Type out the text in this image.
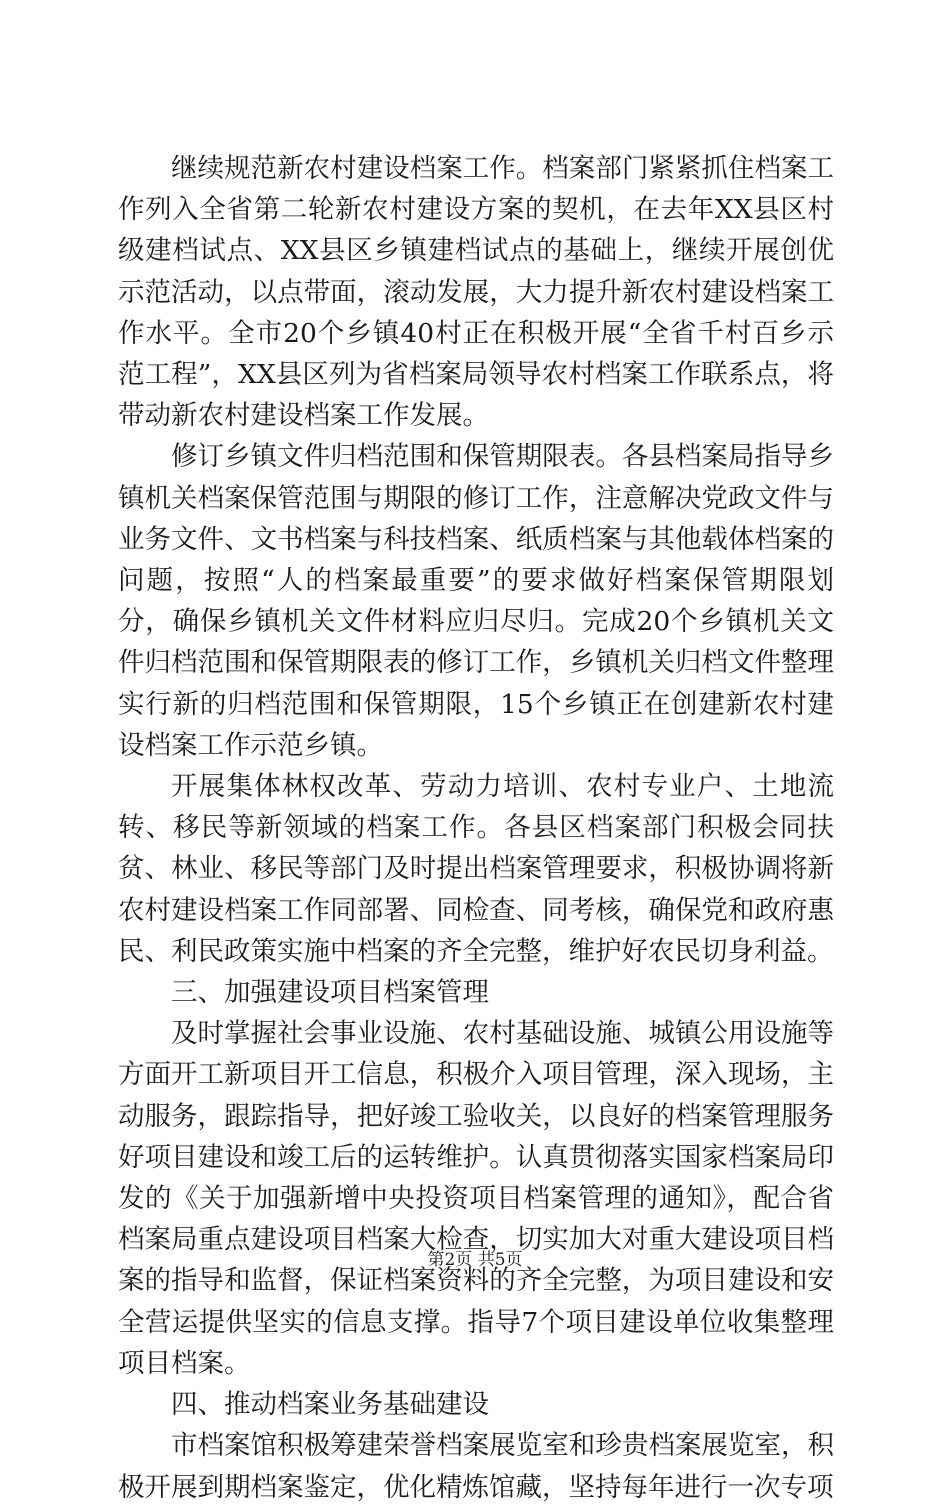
继续规范新农村建设档案工作。档案部门紧紧抓住档案工作列入全省第二轮新农村建设方案的契机，在去年XX县区村级建档试点、XX县区乡镇建档试点的基础上，继续开展创优示范活动，以点带面，滚动发展，大力提升新农村建设档案工作水平。全市20个乡镇40村正在积极开展“全省千村百乡示范工程”，XX县区列为省档案局领导农村档案工作联系点，将带动新农村建设档案工作发展。

修订乡镇文件归档范围和保管期限表。各县档案局指导乡镇机关档案保管范围与期限的修订工作，注意解决党政文件与业务文件、文书档案与科技档案、纸质档案与其他载体档案的问题，按照“人的档案最重要”的要求做好档案保管期限划分，确保乡镇机关文件材料应归尽归。完成20个乡镇机关文件归档范围和保管期限表的修订工作，乡镇机关归档文件整理实行新的归档范围和保管期限，15个乡镇正在创建新农村建设档案工作示范乡镇。

开展集体林权改革、劳动力培训、农村专业户、土地流转、移民等新领域的档案工作。各县区档案部门积极会同扶贫、林业、移民等部门及时提出档案管理要求，积极协调将新农村建设档案工作同部署、同检查、同考核，确保党和政府惠民、利民政策实施中档案的齐全完整，维护好农民切身利益。

三、加强建设项目档案管理

及时掌握社会事业设施、农村基础设施、城镇公用设施等方面开工新项目开工信息，积极介入项目管理，深入现场，主动服务，跟踪指导，把好竣工验收关，以良好的档案管理服务好项目建设和竣工后的运转维护。认真贯彻落实国家档案局印发的《关于加强新增中央投资项目档案管理的通知》，配合省档案局重点建设项目档案大检查，切实加大对重大建设项目档案的指导和监督，保证档案资料的齐全完整，为项目建设和安全营运提供坚实的信息支撑。指导7个项目建设单位收集整理项目档案。

四、推动档案业务基础建设

市档案馆积极筹建荣誉档案展览室和珍贵档案展览室，积极开展到期档案鉴定，优化精炼馆藏，坚持每年进行一次专项

第2页 共5页
